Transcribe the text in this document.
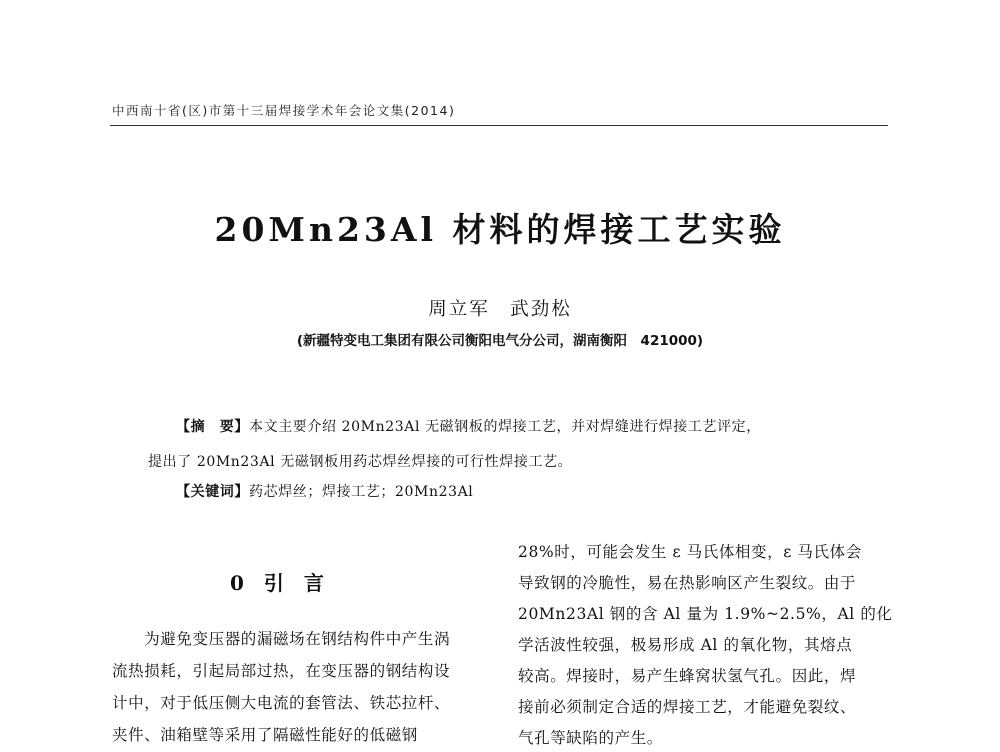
中西南十省(区)市第十三届焊接学术年会论文集(2014)
20Mn23Al 材料的焊接工艺实验
周立军　武劲松
(新疆特变电工集团有限公司衡阳电气分公司，湖南衡阳　421000)
【摘　要】本文主要介绍 20Mn23Al 无磁钢板的焊接工艺，并对焊缝进行焊接工艺评定，
提出了 20Mn23Al 无磁钢板用药芯焊丝焊接的可行性焊接工艺。
【关键词】药芯焊丝；焊接工艺；20Mn23Al
0　引　言
　　为避免变压器的漏磁场在钢结构件中产生涡
流热损耗，引起局部过热，在变压器的钢结构设
计中，对于低压侧大电流的套管法、铁芯拉杆、
夹件、油箱壁等采用了隔磁性能好的低磁钢
28%时，可能会发生 ε 马氏体相变，ε 马氏体会
导致钢的冷脆性，易在热影响区产生裂纹。由于
20Mn23Al 钢的含 Al 量为 1.9%~2.5%，Al 的化
学活波性较强，极易形成 Al 的氧化物，其熔点
较高。焊接时，易产生蜂窝状氢气孔。因此，焊
接前必须制定合适的焊接工艺，才能避免裂纹、
气孔等缺陷的产生。
